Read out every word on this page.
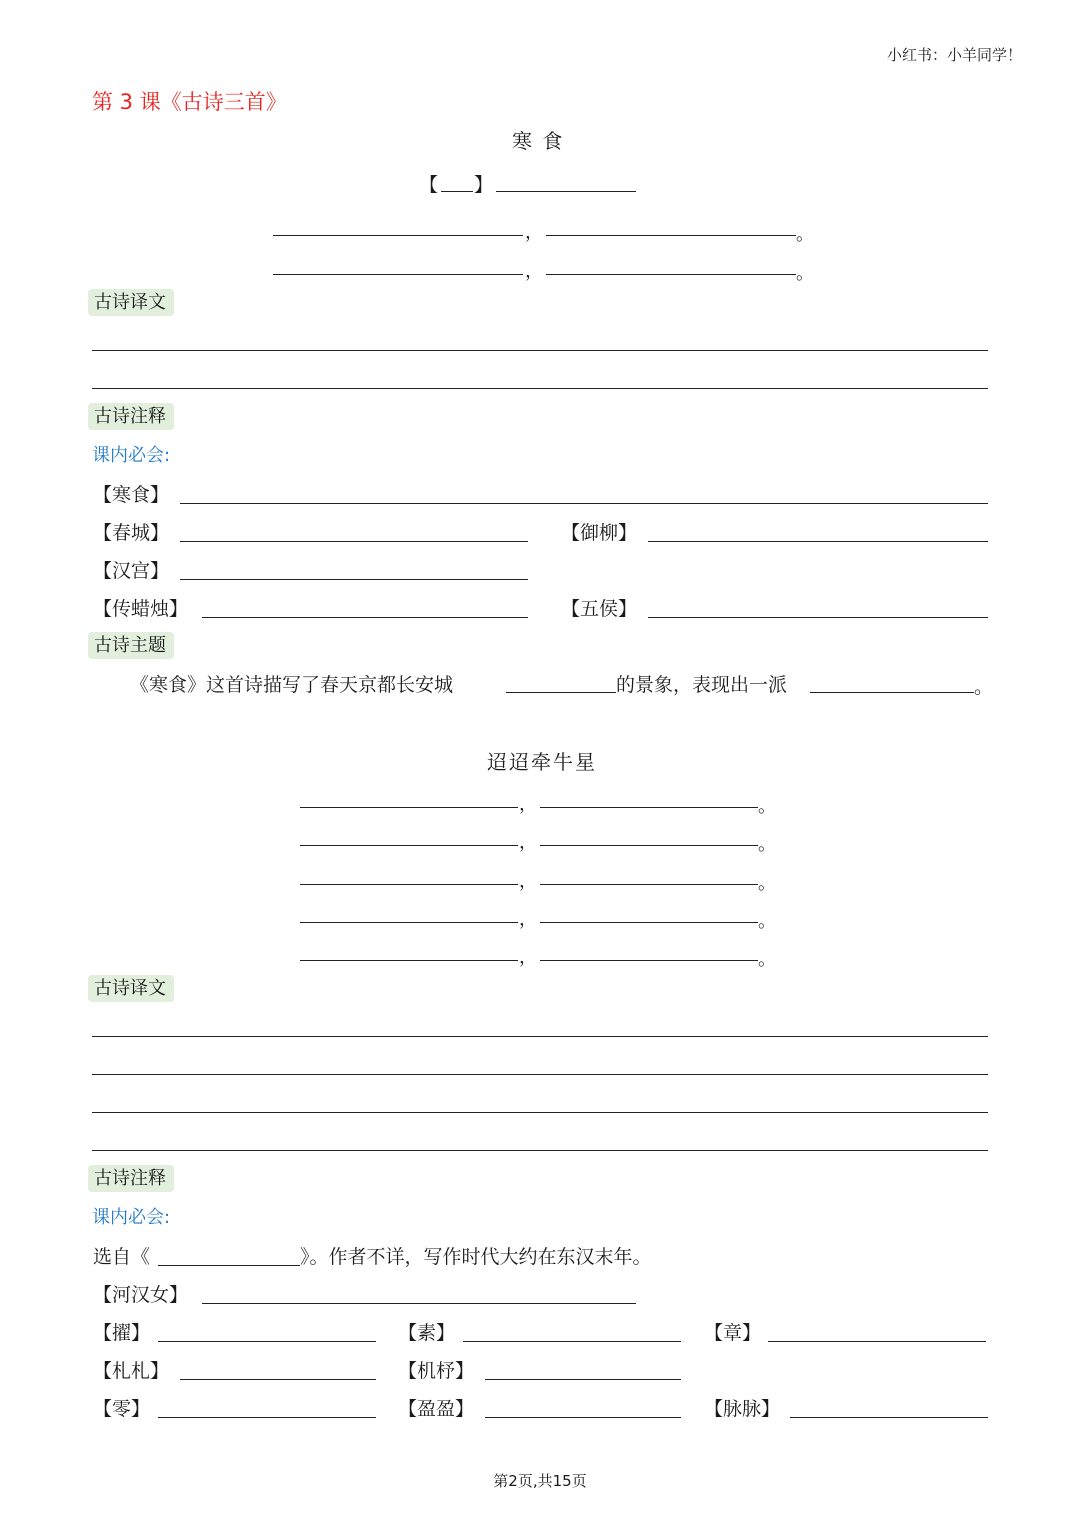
小红书：小羊同学！
第 3 课《古诗三首》
寒 食
【 】
，	。
，	。
古诗译文
古诗注释
课内必会:
【寒食】
【春城】	【御柳】
【汉宫】
【传蜡烛】	【五侯】
古诗主题
《寒食》这首诗描写了春天京都长安城	的景象，表现出一派	。
迢迢牵牛星
，	。
，	。
，	。
，	。
，	。
古诗译文
古诗注释
课内必会:
选自《	》。作者不详，写作时代大约在东汉末年。
【河汉女】
【擢】	【素】	【章】
【札札】	【机杼】
【零】	【盈盈】	【脉脉】
第2页,共15页
